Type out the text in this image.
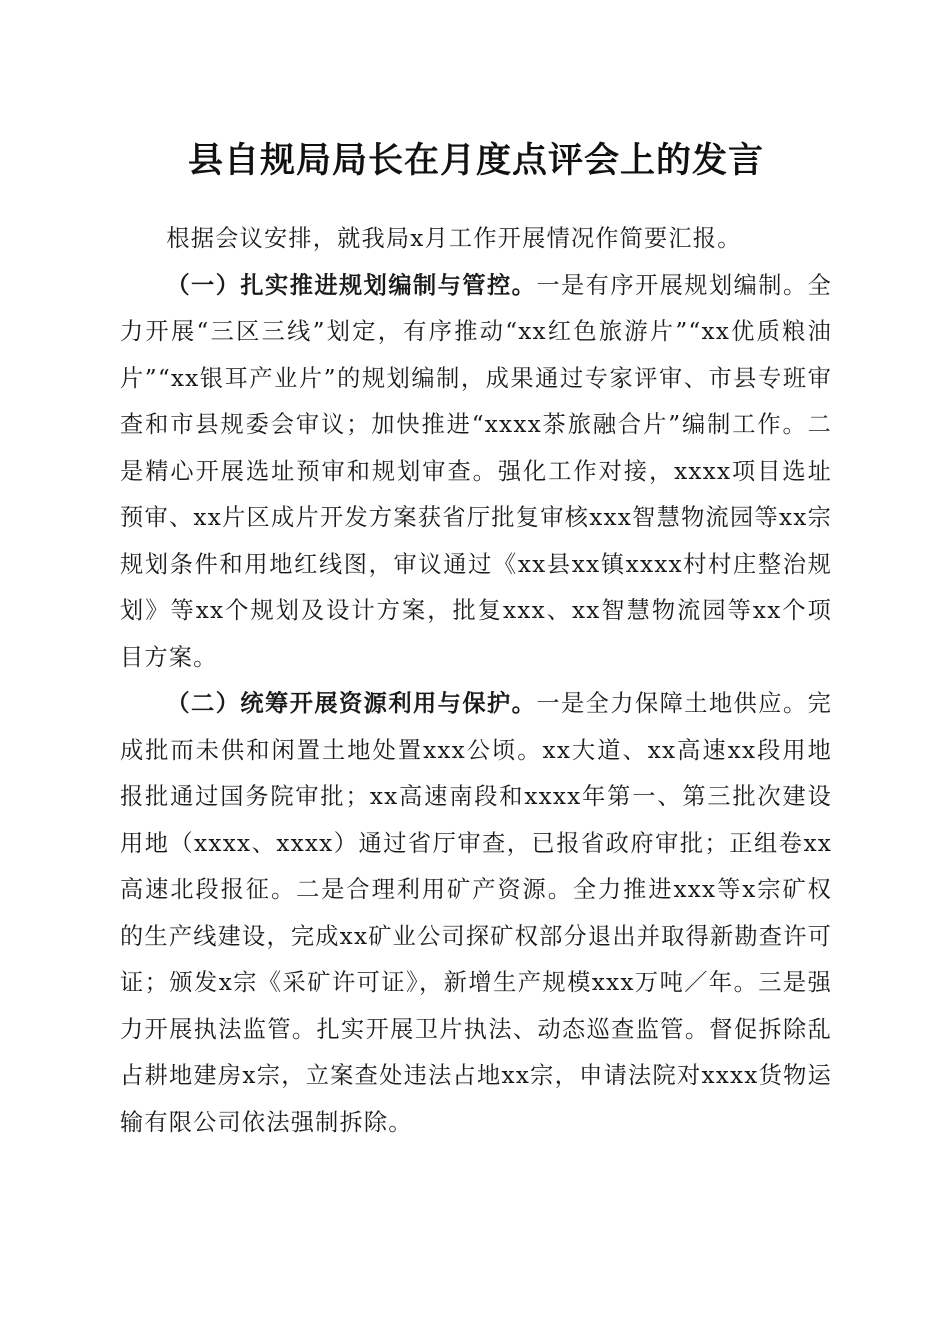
县自规局局长在月度点评会上的发言

根据会议安排，就我局x月工作开展情况作简要汇报。

（一）扎实推进规划编制与管控。一是有序开展规划编制。全力开展“三区三线”划定，有序推动“xx红色旅游片”“xx优质粮油片”“xx银耳产业片”的规划编制，成果通过专家评审、市县专班审查和市县规委会审议；加快推进“xxxx茶旅融合片”编制工作。二是精心开展选址预审和规划审查。强化工作对接，xxxx项目选址预审、xx片区成片开发方案获省厅批复审核xxx智慧物流园等xx宗规划条件和用地红线图，审议通过《xx县xx镇xxxx村村庄整治规划》等xx个规划及设计方案，批复xxx、xx智慧物流园等xx个项目方案。

（二）统筹开展资源利用与保护。一是全力保障土地供应。完成批而未供和闲置土地处置xxx公顷。xx大道、xx高速xx段用地报批通过国务院审批；xx高速南段和xxxx年第一、第三批次建设用地（xxxx、xxxx）通过省厅审查，已报省政府审批；正组卷xx高速北段报征。二是合理利用矿产资源。全力推进xxx等x宗矿权的生产线建设，完成xx矿业公司探矿权部分退出并取得新勘查许可证；颁发x宗《采矿许可证》，新增生产规模xxx万吨／年。三是强力开展执法监管。扎实开展卫片执法、动态巡查监管。督促拆除乱占耕地建房x宗，立案查处违法占地xx宗，申请法院对xxxx货物运输有限公司依法强制拆除。
